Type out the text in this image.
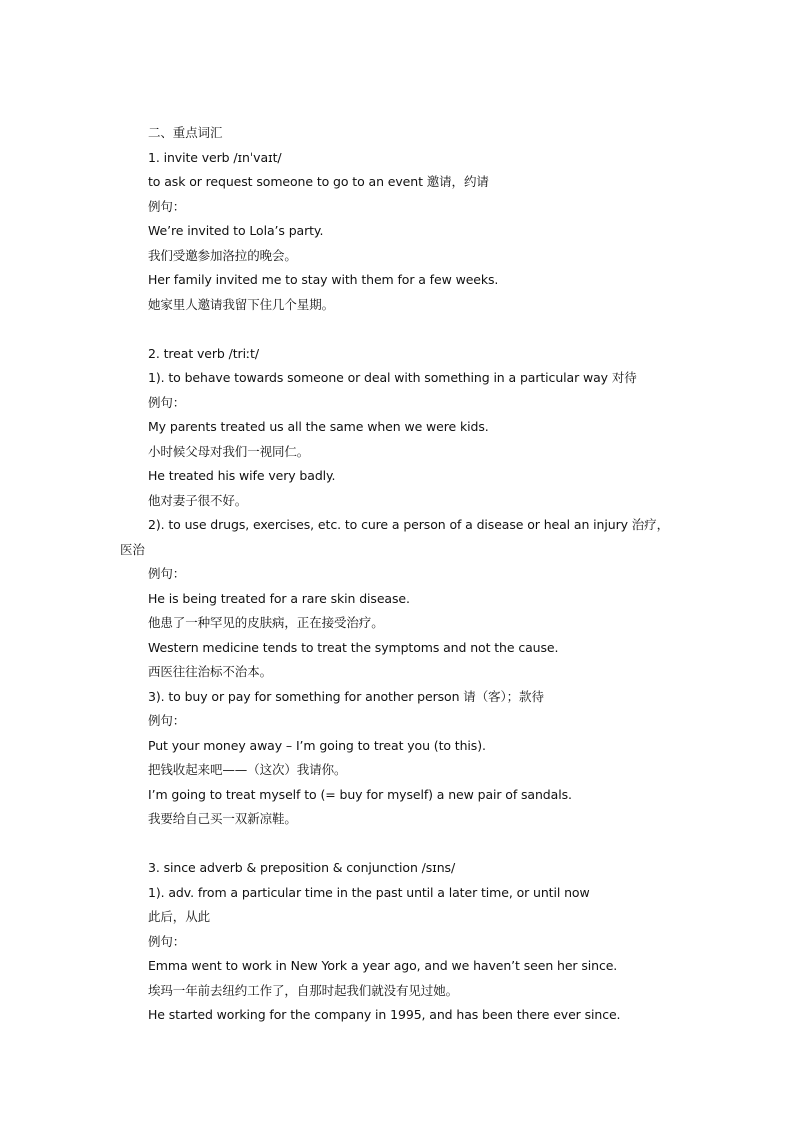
二、重点词汇
1. invite verb /ɪnˈvaɪt/
to ask or request someone to go to an event 邀请，约请
例句：
We’re invited to Lola’s party.
我们受邀参加洛拉的晚会。
Her family invited me to stay with them for a few weeks.
她家里人邀请我留下住几个星期。
2. treat verb /triːt/
1). to behave towards someone or deal with something in a particular way 对待
例句：
My parents treated us all the same when we were kids.
小时候父母对我们一视同仁。
He treated his wife very badly.
他对妻子很不好。
2). to use drugs, exercises, etc. to cure a person of a disease or heal an injury 治疗，
医治
例句：
He is being treated for a rare skin disease.
他患了一种罕见的皮肤病，正在接受治疗。
Western medicine tends to treat the symptoms and not the cause.
西医往往治标不治本。
3). to buy or pay for something for another person 请（客）；款待
例句：
Put your money away – I’m going to treat you (to this).
把钱收起来吧——（这次）我请你。
I’m going to treat myself to (= buy for myself) a new pair of sandals.
我要给自己买一双新凉鞋。
3. since adverb & preposition & conjunction /sɪns/
1). adv. from a particular time in the past until a later time, or until now
此后，从此
例句：
Emma went to work in New York a year ago, and we haven’t seen her since.
埃玛一年前去纽约工作了，自那时起我们就没有见过她。
He started working for the company in 1995, and has been there ever since.
